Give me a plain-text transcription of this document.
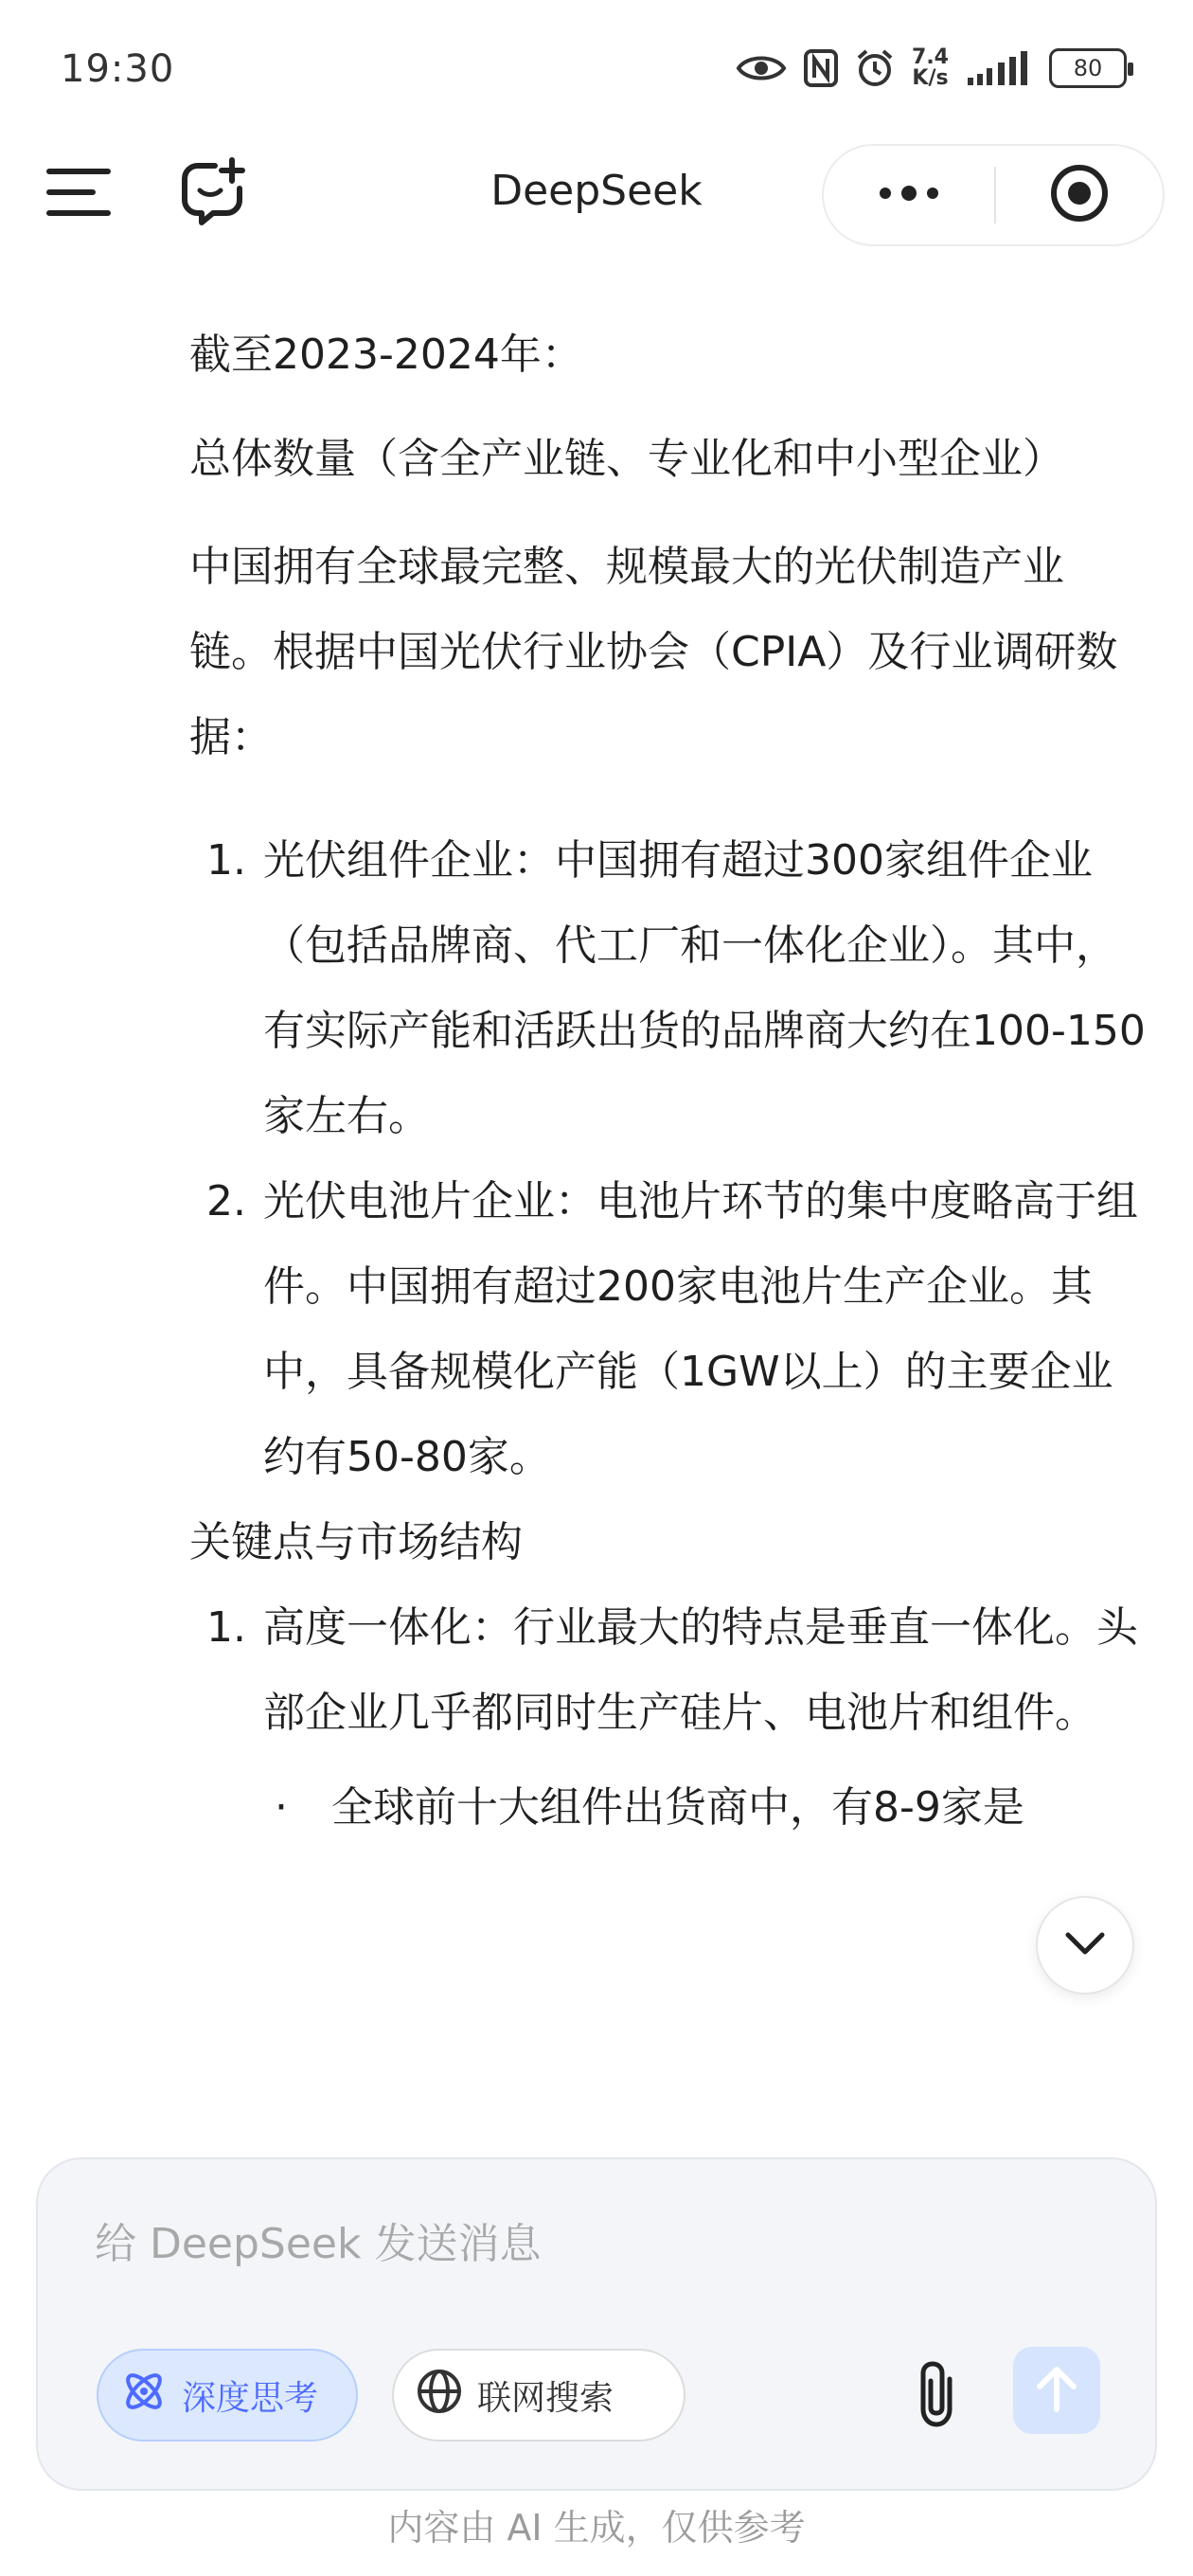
19:30	7.4
K/s	80
DeepSeek

截至2023-2024年：

总体数量（含全产业链、专业化和中小型企业）

中国拥有全球最完整、规模最大的光伏制造产业链。根据中国光伏行业协会（CPIA）及行业调研数据：

1. 光伏组件企业：中国拥有超过300家组件企业（包括品牌商、代工厂和一体化企业）。其中，有实际产能和活跃出货的品牌商大约在100-150家左右。
2. 光伏电池片企业：电池片环节的集中度略高于组件。中国拥有超过200家电池片生产企业。其中，具备规模化产能（1GW以上）的主要企业约有50-80家。

关键点与市场结构

1. 高度一体化：行业最大的特点是垂直一体化。头部企业几乎都同时生产硅片、电池片和组件。
· 全球前十大组件出货商中，有8-9家是
给 DeepSeek 发送消息
深度思考	联网搜索
内容由 AI 生成，仅供参考
